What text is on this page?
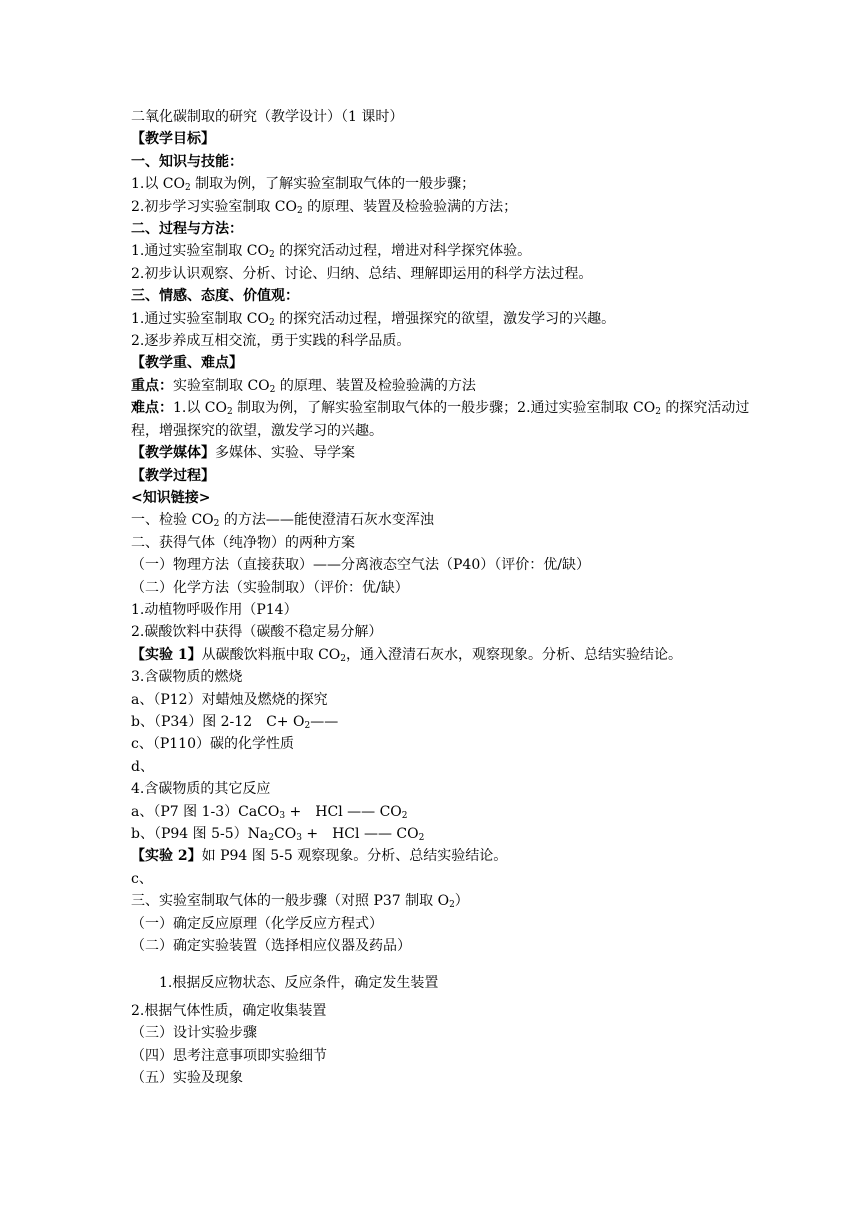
二氧化碳制取的研究（教学设计）（1 课时）
【教学目标】
一、知识与技能：
1.以 $CO_2$ 制取为例，了解实验室制取气体的一般步骤；
2.初步学习实验室制取 $CO_2$ 的原理、装置及检验验满的方法；
二、过程与方法：
1.通过实验室制取 $CO_2$ 的探究活动过程，增进对科学探究体验。
2.初步认识观察、分析、讨论、归纳、总结、理解即运用的科学方法过程。
三、情感、态度、价值观：
1.通过实验室制取 $CO_2$ 的探究活动过程，增强探究的欲望，激发学习的兴趣。
2.逐步养成互相交流，勇于实践的科学品质。
【教学重、难点】
重点：实验室制取 $CO_2$ 的原理、装置及检验验满的方法
难点：1.以 $CO_2$ 制取为例，了解实验室制取气体的一般步骤；2.通过实验室制取 $CO_2$ 的探究活动过程，增强探究的欲望，激发学习的兴趣。
【教学媒体】多媒体、实验、导学案
【教学过程】
<知识链接>
一、检验 $CO_2$ 的方法——能使澄清石灰水变浑浊
二、获得气体（纯净物）的两种方案
（一）物理方法（直接获取）——分离液态空气法（P40）（评价：优/缺）
（二）化学方法（实验制取）（评价：优/缺）
1.动植物呼吸作用（P14）
2.碳酸饮料中获得（碳酸不稳定易分解）
【实验 1】从碳酸饮料瓶中取 $CO_2$，通入澄清石灰水，观察现象。分析、总结实验结论。
3.含碳物质的燃烧
a、（P12）对蜡烛及燃烧的探究
b、（P34）图 2-12　$C+ O_2——$
c、（P110）碳的化学性质
d、
4.含碳物质的其它反应
a、（P7 图 1-3）CaCO$_3$ +　HCl —— $CO_2$
b、（P94 图 $5-5)Na_2CO_3$ +　HCl —— $CO_2$
【实验 2】如 P94 图 5-5 观察现象。分析、总结实验结论。
c、
三、实验室制取气体的一般步骤（对照 P37 制取 $O_2$）
（一）确定反应原理（化学反应方程式）
（二）确定实验装置（选择相应仪器及药品）
1.根据反应物状态、反应条件，确定发生装置
2.根据气体性质，确定收集装置
（三）设计实验步骤
（四）思考注意事项即实验细节
（五）实验及现象
